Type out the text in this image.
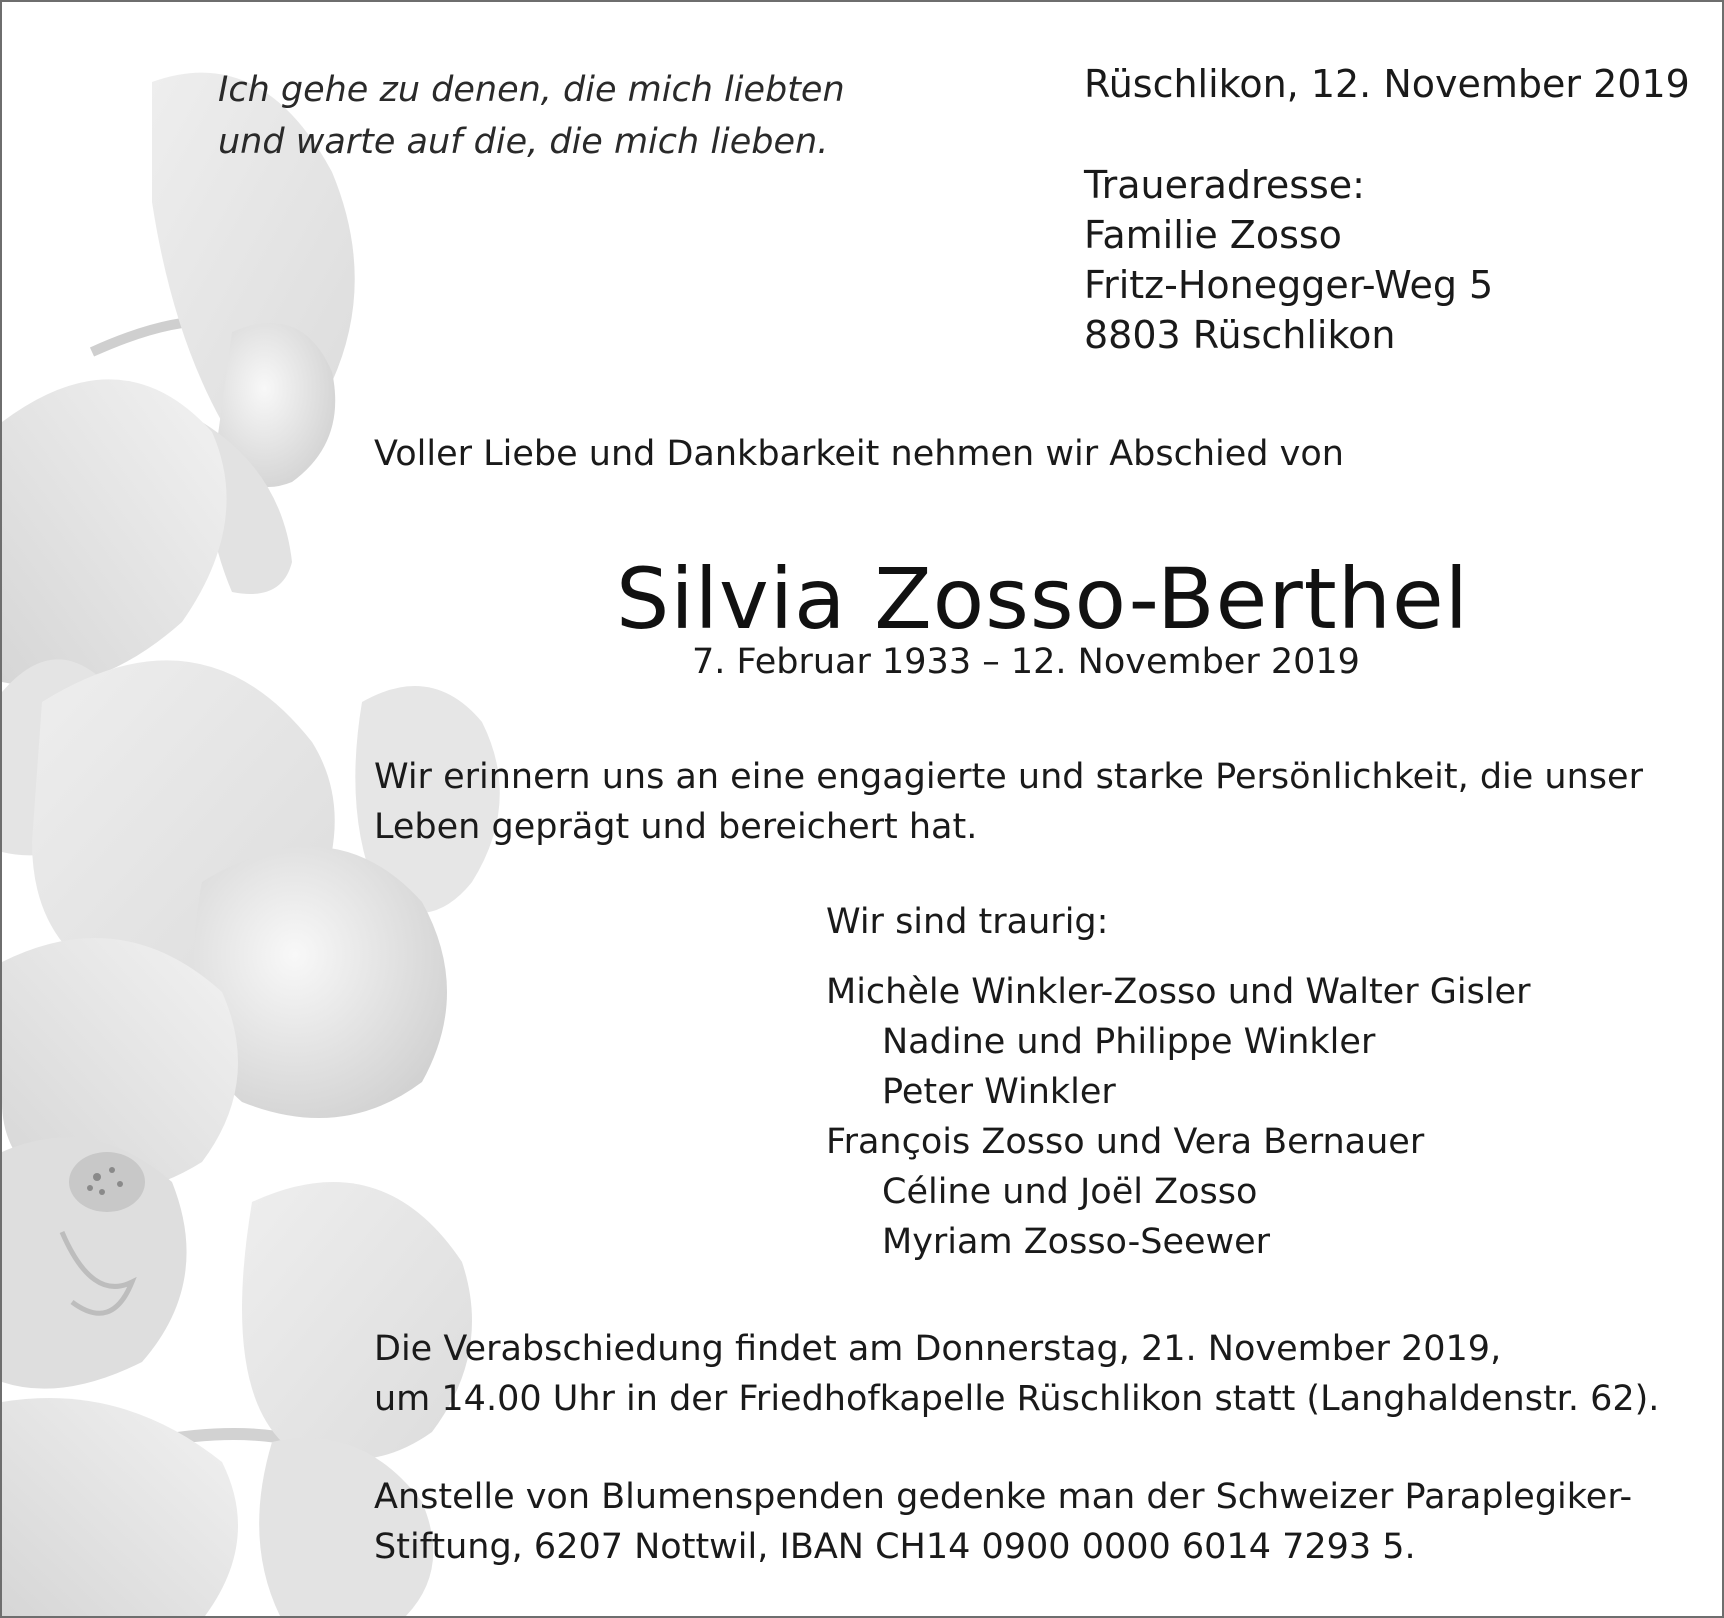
Ich gehe zu denen, die mich liebten
und warte auf die, die mich lieben.
Rüschlikon, 12. November 2019
Traueradresse:
Familie Zosso
Fritz-Honegger-Weg 5
8803 Rüschlikon
Voller Liebe und Dankbarkeit nehmen wir Abschied von
Silvia Zosso-Berthel
7. Februar 1933 – 12. November 2019
Wir erinnern uns an eine engagierte und starke Persönlichkeit, die unser
Leben geprägt und bereichert hat.
Wir sind traurig:
Michèle Winkler-Zosso und Walter Gisler
Nadine und Philippe Winkler
Peter Winkler
François Zosso und Vera Bernauer
Céline und Joël Zosso
Myriam Zosso-Seewer
Die Verabschiedung findet am Donnerstag, 21. November 2019,
um 14.00 Uhr in der Friedhofkapelle Rüschlikon statt (Langhaldenstr. 62).
Anstelle von Blumenspenden gedenke man der Schweizer Paraplegiker-
Stiftung, 6207 Nottwil, IBAN CH14 0900 0000 6014 7293 5.
